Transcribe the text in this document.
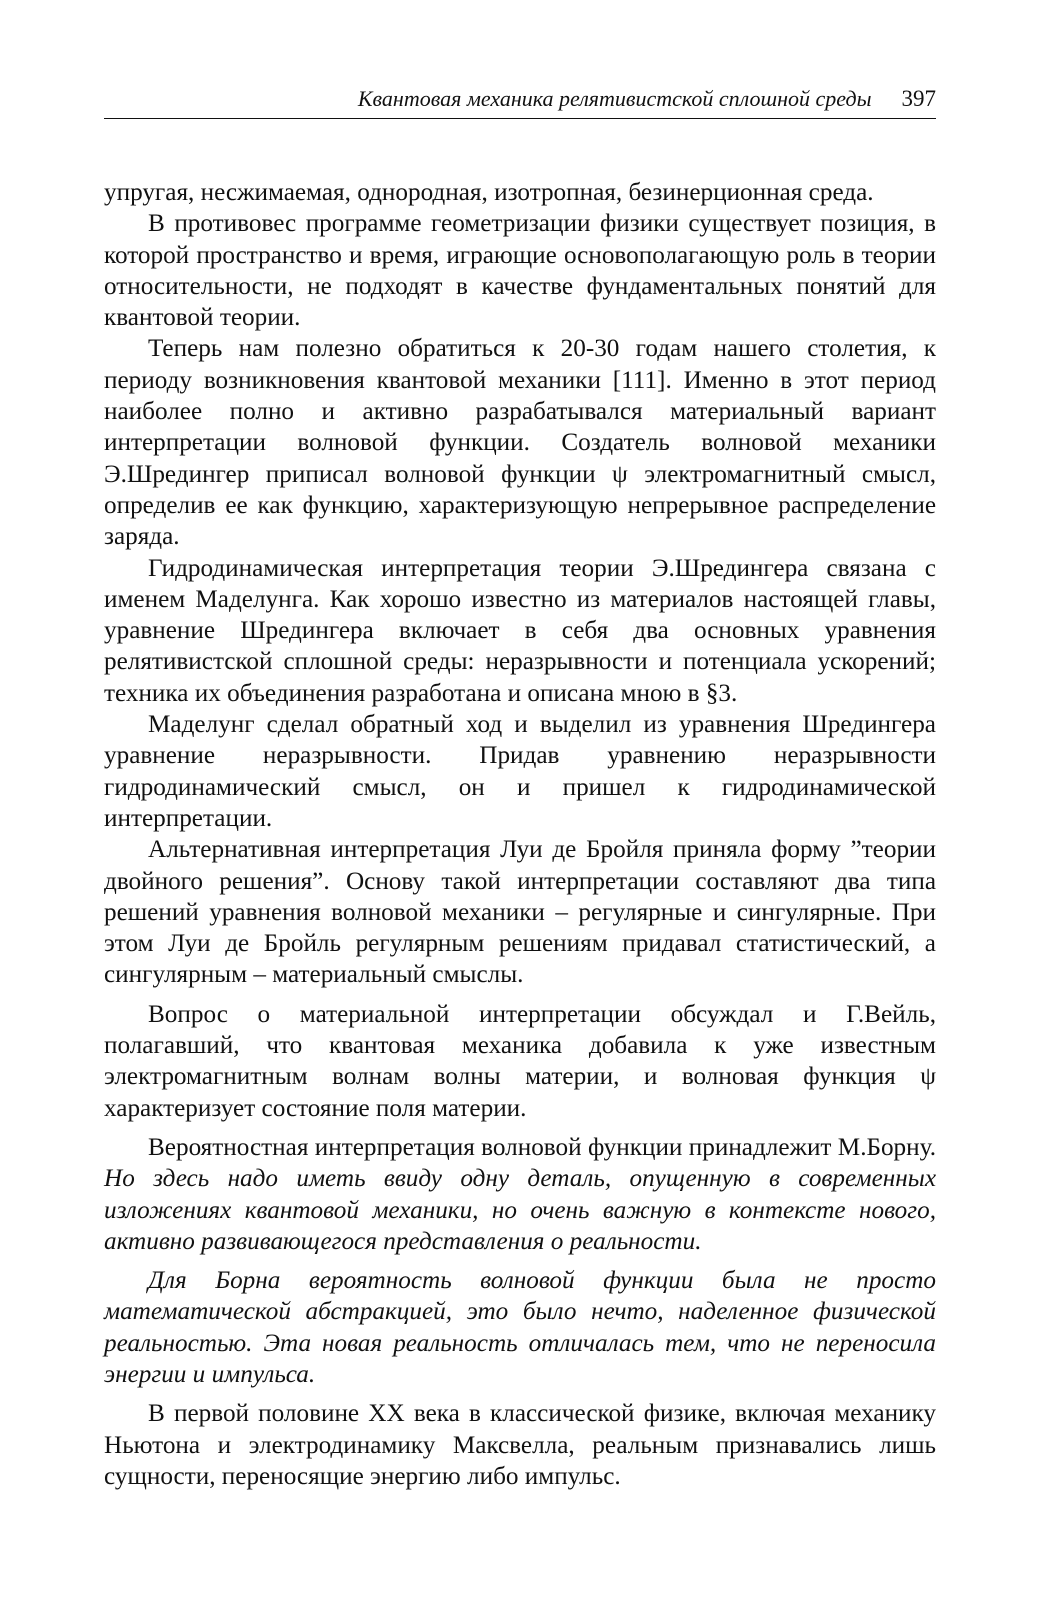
Квантовая механика релятивистской сплошной среды 397

упругая, несжимаемая, однородная, изотропная, безинерционная среда.

В противовес программе геометризации физики существует позиция, в которой пространство и время, играющие основополагающую роль в теории относительности, не подходят в качестве фундаментальных понятий для квантовой теории.

Теперь нам полезно обратиться к 20-30 годам нашего столетия, к периоду возникновения квантовой механики [111]. Именно в этот период наиболее полно и активно разрабатывался материальный вариант интерпретации волновой функции. Создатель волновой механики Э.Шредингер приписал волновой функции ψ электромагнитный смысл, определив ее как функцию, характеризующую непрерывное распределение заряда.

Гидродинамическая интерпретация теории Э.Шредингера связана с именем Маделунга. Как хорошо известно из материалов настоящей главы, уравнение Шредингера включает в себя два основных уравнения релятивистской сплошной среды: неразрывности и потенциала ускорений; техника их объединения разработана и описана мною в §3.

Маделунг сделал обратный ход и выделил из уравнения Шредингера уравнение неразрывности. Придав уравнению неразрывности гидродинамический смысл, он и пришел к гидродинамической интерпретации.

Альтернативная интерпретация Луи де Бройля приняла форму ”теории двойного решения”. Основу такой интерпретации составляют два типа решений уравнения волновой механики – регулярные и сингулярные. При этом Луи де Бройль регулярным решениям придавал статистический, а сингулярным – материальный смыслы.

Вопрос о материальной интерпретации обсуждал и Г.Вейль, полагавший, что квантовая механика добавила к уже известным электромагнитным волнам волны материи, и волновая функция ψ характеризует состояние поля материи.

Вероятностная интерпретация волновой функции принадлежит М.Борну. Но здесь надо иметь ввиду одну деталь, опущенную в современных изложениях квантовой механики, но очень важную в контексте нового, активно развивающегося представления о реальности.

Для Борна вероятность волновой функции была не просто математической абстракцией, это было нечто, наделенное физической реальностью. Эта новая реальность отличалась тем, что не переносила энергии и импульса.

В первой половине XX века в классической физике, включая механику Ньютона и электродинамику Максвелла, реальным признавались лишь сущности, переносящие энергию либо импульс.
